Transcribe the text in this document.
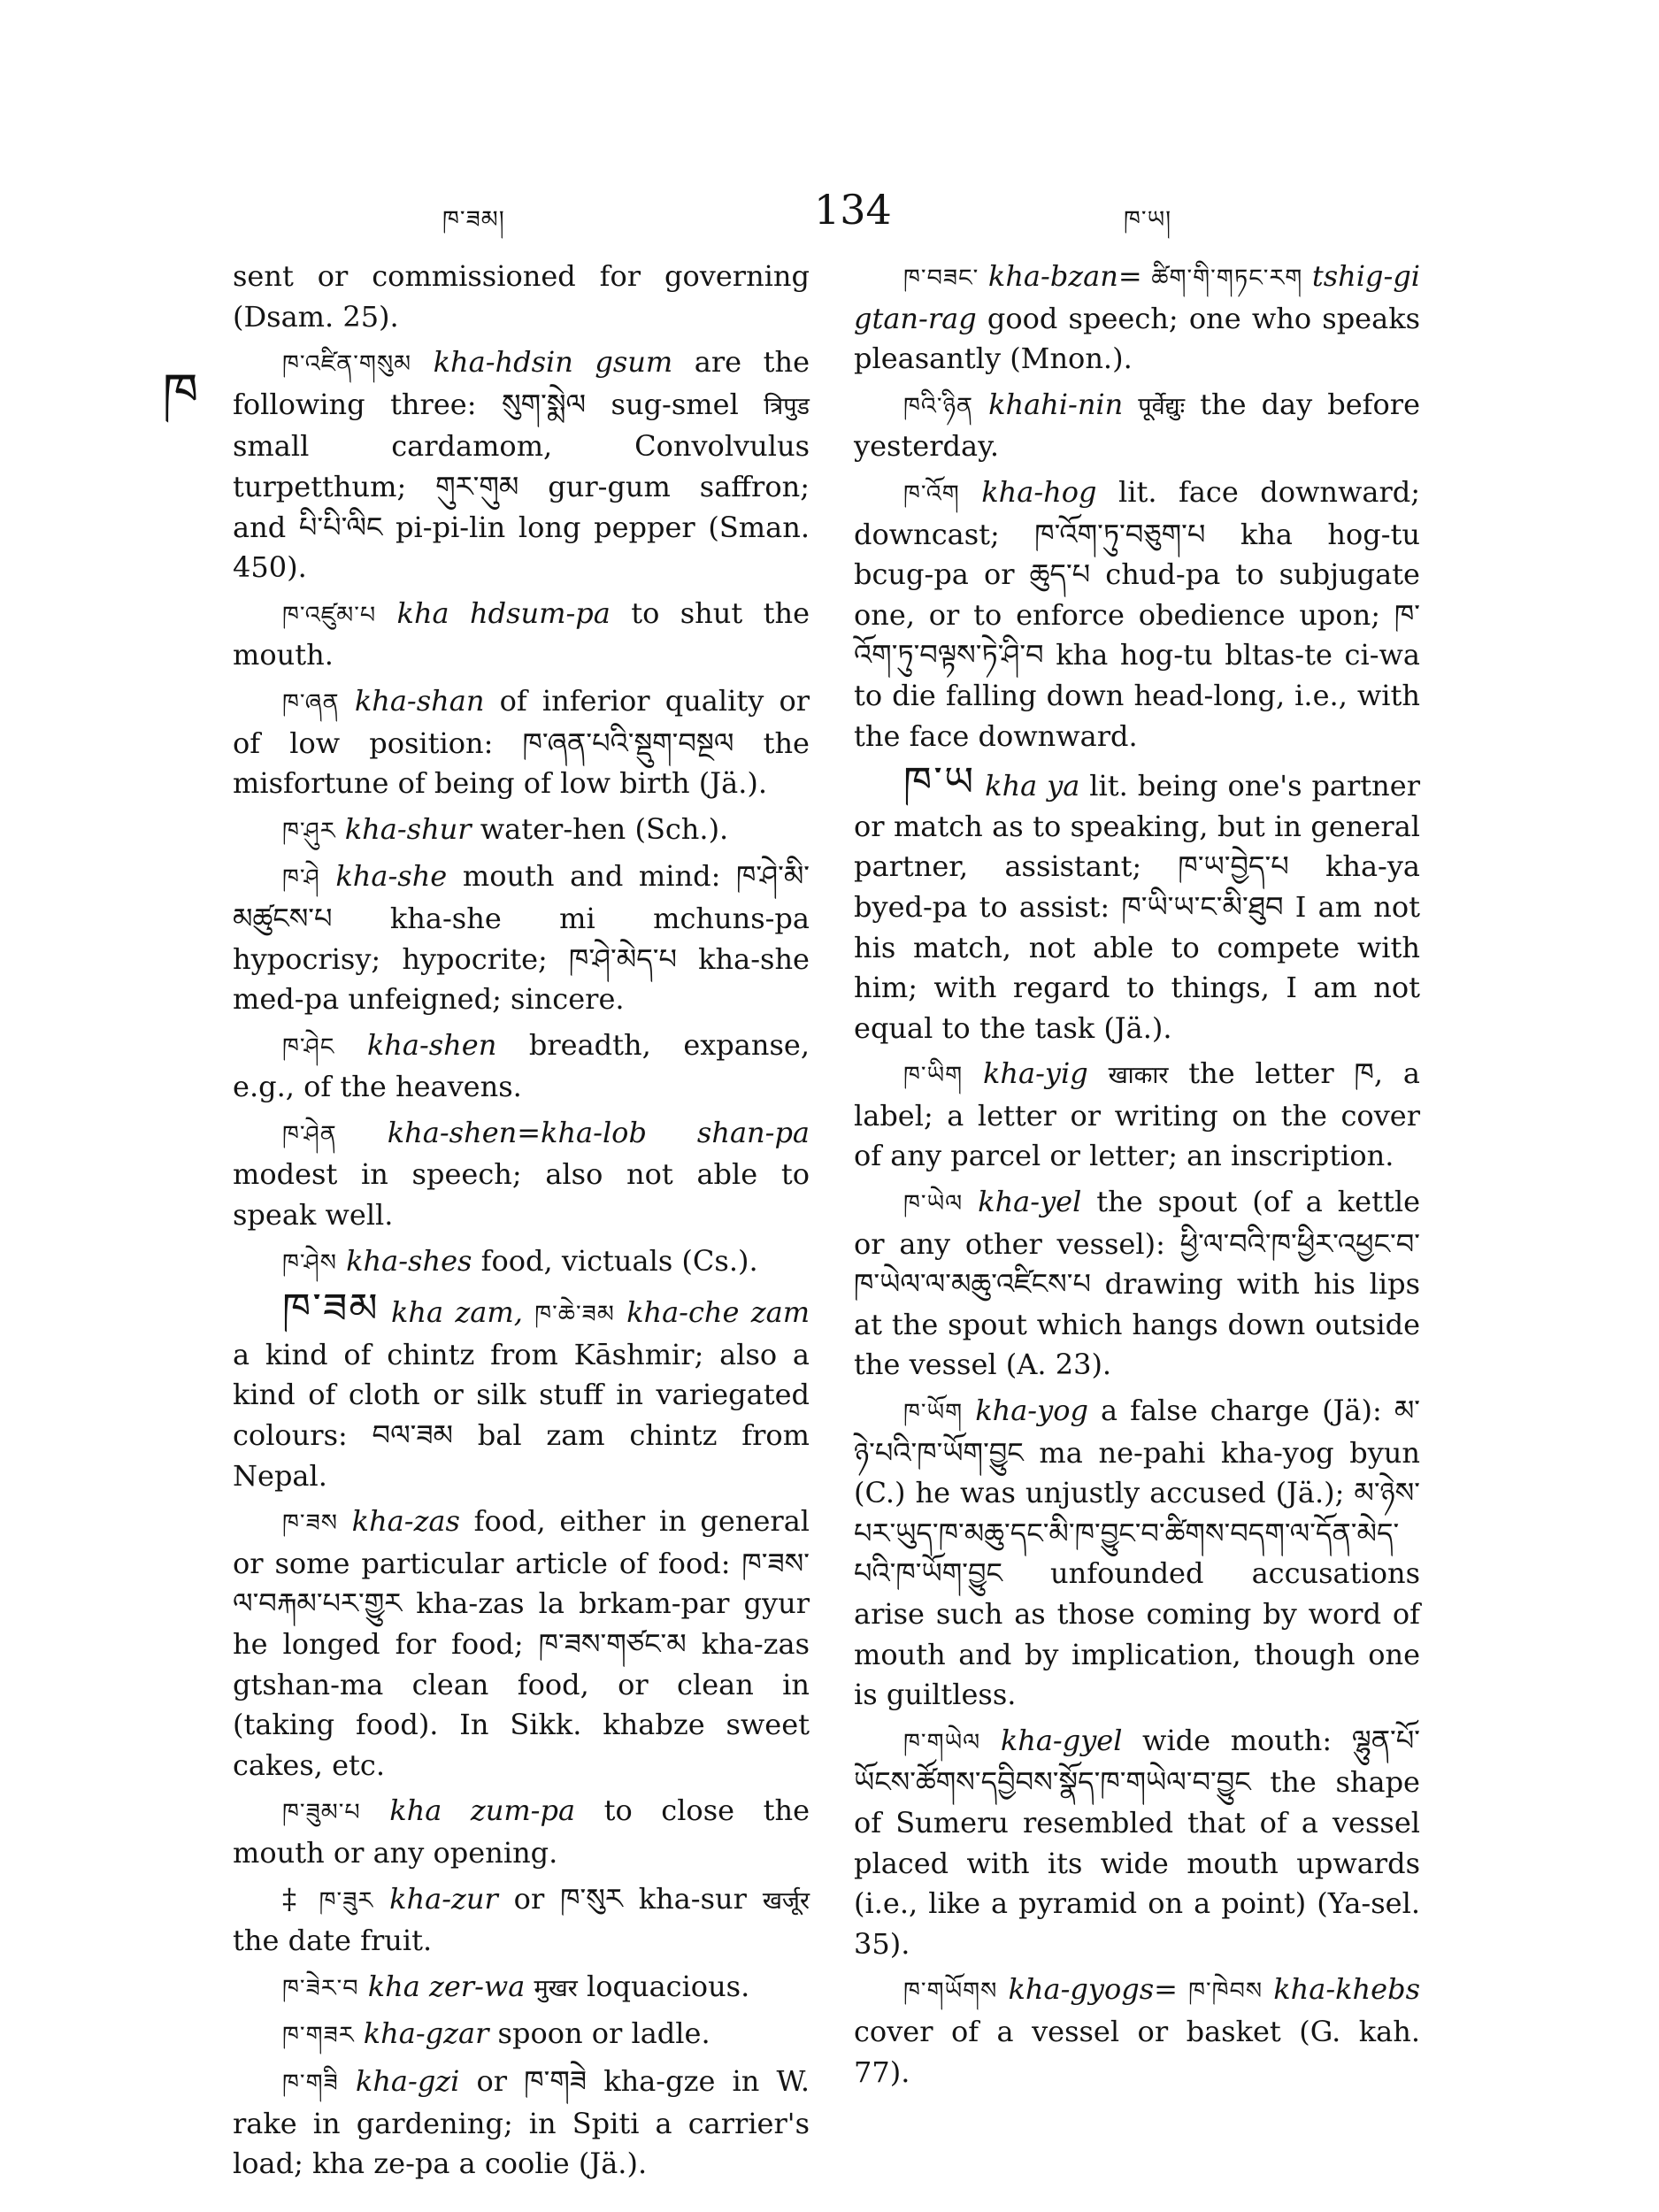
ཁ་ཟམ།	134	ཁ་ཡ།
ཁ

sent or commissioned for governing (Dsam. 25).

ཁ་འཛིན་གསུམ kha-hdsin gsum are the following three: སུག་སྨེལ sug-smel त्रिपुड small cardamom, Convolvulus turpetthum; གུར་གུམ gur-gum saffron; and པི་པི་ལིང pi-pi-lin long pepper (Sman. 450).

ཁ་འཛུམ་པ kha hdsum-pa to shut the mouth.

ཁ་ཞན kha-shan of inferior quality or of low position: ཁ་ཞན་པའི་སྡུག་བསྔལ the misfortune of being of low birth (Jä.).

ཁ་ཤུར kha-shur water-hen (Sch.).

ཁ་ཤེ kha-she mouth and mind: ཁ་ཤེ་མི་མཚུངས་པ kha-she mi mchuns-pa hypocrisy; hypocrite; ཁ་ཤེ་མེད་པ kha-she med-pa unfeigned; sincere.

ཁ་ཤེང kha-shen breadth, expanse, e.g., of the heavens.

ཁ་ཤེན kha-shen=kha-lob shan-pa modest in speech; also not able to speak well.

ཁ་ཤེས kha-shes food, victuals (Cs.).

ཁ་ཟམ kha zam, ཁ་ཆེ་ཟམ kha-che zam a kind of chintz from Kāshmir; also a kind of cloth or silk stuff in variegated colours: བལ་ཟམ bal zam chintz from Nepal.

ཁ་ཟས kha-zas food, either in general or some particular article of food: ཁ་ཟས་ལ་བརྐམ་པར་གྱུར kha-zas la brkam-par gyur he longed for food; ཁ་ཟས་གཙང་མ kha-zas gtshan-ma clean food, or clean in (taking food). In Sikk. khabze sweet cakes, etc.

ཁ་ཟུམ་པ kha zum-pa to close the mouth or any opening.

‡ ཁ་ཟུར kha-zur or ཁ་སུར kha-sur खर्जूर the date fruit.

ཁ་ཟེར་བ kha zer-wa मुखर loquacious.

ཁ་གཟར kha-gzar spoon or ladle.

ཁ་གཟི kha-gzi or ཁ་གཟེ kha-gze in W. rake in gardening; in Spiti a carrier's load; kha ze-pa a coolie (Jä.).

ཁ་བཟང་ kha-bzan= ཚིག་གི་གཏང་རག tshig-gi gtan-rag good speech; one who speaks pleasantly (Mnon.).

ཁའི་ཉིན khahi-nin पूर्वेद्युः the day before yesterday.

ཁ་འོག kha-hog lit. face downward; downcast; ཁ་འོག་ཏུ་བཅུག་པ kha hog-tu bcug-pa or ཆུད་པ chud-pa to subjugate one, or to enforce obedience upon; ཁ་འོག་ཏུ་བལྟས་ཏེ་ཤི་བ kha hog-tu bltas-te ci-wa to die falling down head-long, i.e., with the face downward.

ཁ་ཡ kha ya lit. being one's partner or match as to speaking, but in general partner, assistant; ཁ་ཡ་བྱེད་པ kha-ya byed-pa to assist: ཁ་ཡི་ཡ་ང་མི་ཐུབ I am not his match, not able to compete with him; with regard to things, I am not equal to the task (Jä.).

ཁ་ཡིག kha-yig खाकार the letter ཁ, a label; a letter or writing on the cover of any parcel or letter; an inscription.

ཁ་ཡེལ kha-yel the spout (of a kettle or any other vessel): ཕྱི་ལ་བའི་ཁ་ཕྱིར་འཕྱང་བ་ཁ་ཡེལ་ལ་མཆུ་འཛིངས་པ drawing with his lips at the spout which hangs down outside the vessel (A. 23).

ཁ་ཡོག kha-yog a false charge (Jä): མ་ཉེ་པའི་ཁ་ཡོག་བྱུང ma ne-pahi kha-yog byun (C.) he was unjustly accused (Jä.); མ་ཉེས་པར་ཡུད་ཁ་མཆུ་དང་མི་ཁ་བྱུང་བ་ཚིགས་བདག་ལ་དོན་མེད་པའི་ཁ་ཡོག་བྱུང unfounded accusations arise such as those coming by word of mouth and by implication, though one is guiltless.

ཁ་གཡེལ kha-gyel wide mouth: ལྷུན་པོ་ཡོངས་ཚོགས་དབྱིབས་སྣོད་ཁ་གཡེལ་བ་བྱུང the shape of Sumeru resembled that of a vessel placed with its wide mouth upwards (i.e., like a pyramid on a point) (Ya-sel. 35).

ཁ་གཡོགས kha-gyogs= ཁ་ཁེབས kha-khebs cover of a vessel or basket (G. kah. 77).
